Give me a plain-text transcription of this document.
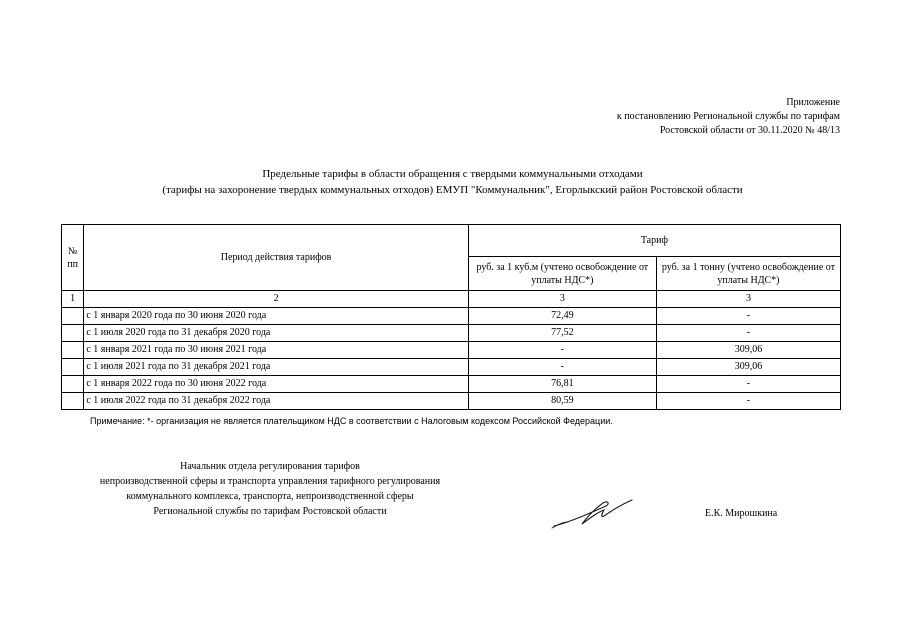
Приложение
к постановлению Региональной службы по тарифам
Ростовской области от 30.11.2020 № 48/13
Предельные тарифы в области обращения с твердыми коммунальными отходами
(тарифы на захоронение твердых коммунальных отходов) ЕМУП "Коммунальник", Егорлыкский район Ростовской области
№
пп	Период действия тарифов	Тариф	
		руб. за 1 куб.м (учтено освобождение от уплаты НДС*)	руб. за 1 тонну (учтено освобождение от уплаты НДС*)
1	2	3	3
	с 1 января 2020 года по 30 июня 2020 года	72,49	-
	с 1 июля 2020 года по 31 декабря 2020 года	77,52	-
	с 1 января 2021 года по 30 июня 2021 года	-	309,06
	с 1 июля 2021 года по 31 декабря 2021 года	-	309,06
	с 1 января 2022 года по 30 июня 2022 года	76,81	-
	с 1 июля 2022 года по 31 декабря 2022 года	80,59	-
Примечание: *- организация не является плательщиком НДС в соответствии с Налоговым кодексом Российской Федерации.
Начальник отдела регулирования тарифов
непроизводственной сферы и транспорта управления тарифного регулирования
коммунального комплекса, транспорта, непроизводственной сферы
Региональной службы по тарифам Ростовской области	Е.К. Мирошкина
